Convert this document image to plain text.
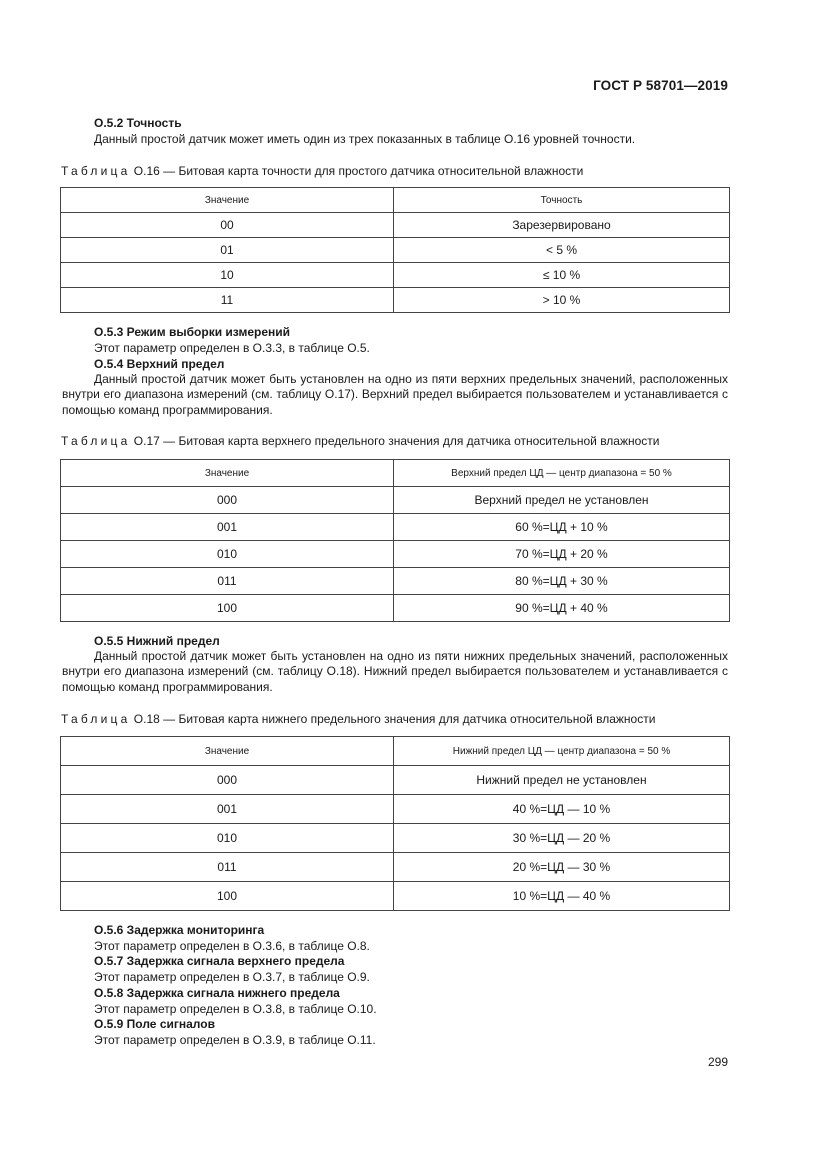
ГОСТ Р 58701—2019
О.5.2 Точность
Данный простой датчик может иметь один из трех показанных в таблице О.16 уровней точности.
Таблица О.16 — Битовая карта точности для простого датчика относительной влажности
Значение	Точность
00	Зарезервировано
01	< 5 %
10	≤ 10 %
11	> 10 %
О.5.3 Режим выборки измерений
Этот параметр определен в О.3.3, в таблице О.5.
О.5.4 Верхний предел
Данный простой датчик может быть установлен на одно из пяти верхних предельных значений, расположенных внутри его диапазона измерений (см. таблицу О.17). Верхний предел выбирается пользователем и устанавливается с помощью команд программирования.
Таблица О.17 — Битовая карта верхнего предельного значения для датчика относительной влажности
Значение	Верхний предел ЦД — центр диапазона = 50 %
000	Верхний предел не установлен
001	60 %=ЦД + 10 %
010	70 %=ЦД + 20 %
011	80 %=ЦД + 30 %
100	90 %=ЦД + 40 %
О.5.5 Нижний предел
Данный простой датчик может быть установлен на одно из пяти нижних предельных значений, расположенных внутри его диапазона измерений (см. таблицу О.18). Нижний предел выбирается пользователем и устанавливается с помощью команд программирования.
Таблица О.18 — Битовая карта нижнего предельного значения для датчика относительной влажности
Значение	Нижний предел ЦД — центр диапазона = 50 %
000	Нижний предел не установлен
001	40 %=ЦД — 10 %
010	30 %=ЦД — 20 %
011	20 %=ЦД — 30 %
100	10 %=ЦД — 40 %
О.5.6 Задержка мониторинга
Этот параметр определен в О.3.6, в таблице О.8.
О.5.7 Задержка сигнала верхнего предела
Этот параметр определен в О.3.7, в таблице О.9.
О.5.8 Задержка сигнала нижнего предела
Этот параметр определен в О.3.8, в таблице О.10.
О.5.9 Поле сигналов
Этот параметр определен в О.3.9, в таблице О.11.
299
